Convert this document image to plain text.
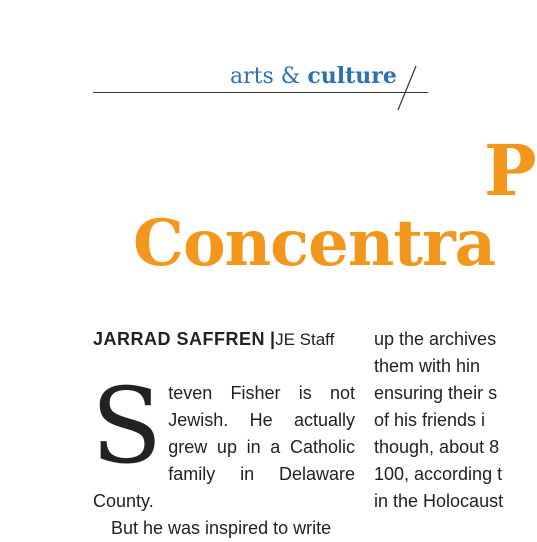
arts & culture
P
Concentra
JARRAD SAFFREN |JE Staff

Steven Fisher is not Jewish. He actually grew up in a Catholic family in Delaware County.

But he was inspired to write

up the archives
them with hin
ensuring their s
of his friends i
though, about 8
100, according t
in the Holocaust
